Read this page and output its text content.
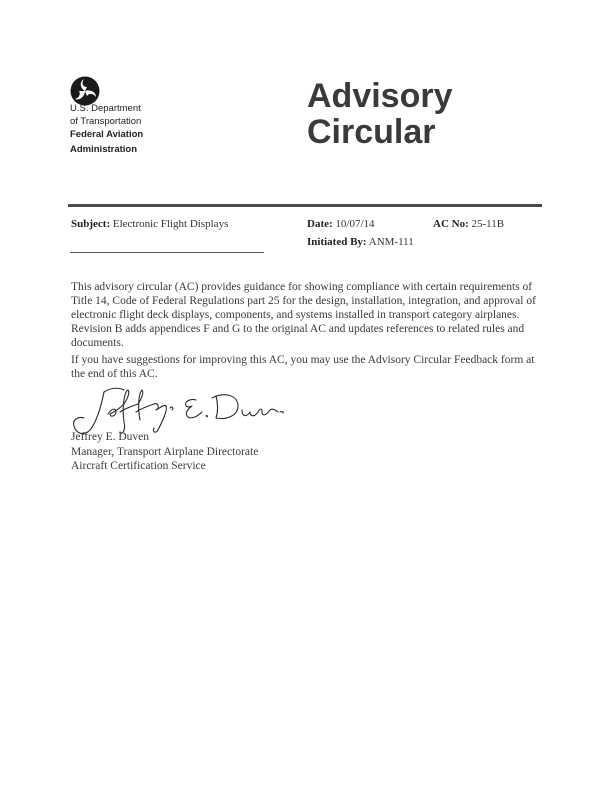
U.S. Department
of Transportation
Federal Aviation
Administration
Advisory
Circular
Subject: Electronic Flight Displays	Date: 10/07/14	AC No: 25-11B
Initiated By: ANM-111
This advisory circular (AC) provides guidance for showing compliance with certain requirements of Title 14, Code of Federal Regulations part 25 for the design, installation, integration, and approval of electronic flight deck displays, components, and systems installed in transport category airplanes. Revision B adds appendices F and G to the original AC and updates references to related rules and documents.
If you have suggestions for improving this AC, you may use the Advisory Circular Feedback form at the end of this AC.
Jeffrey E. Duven
Manager, Transport Airplane Directorate
Aircraft Certification Service
